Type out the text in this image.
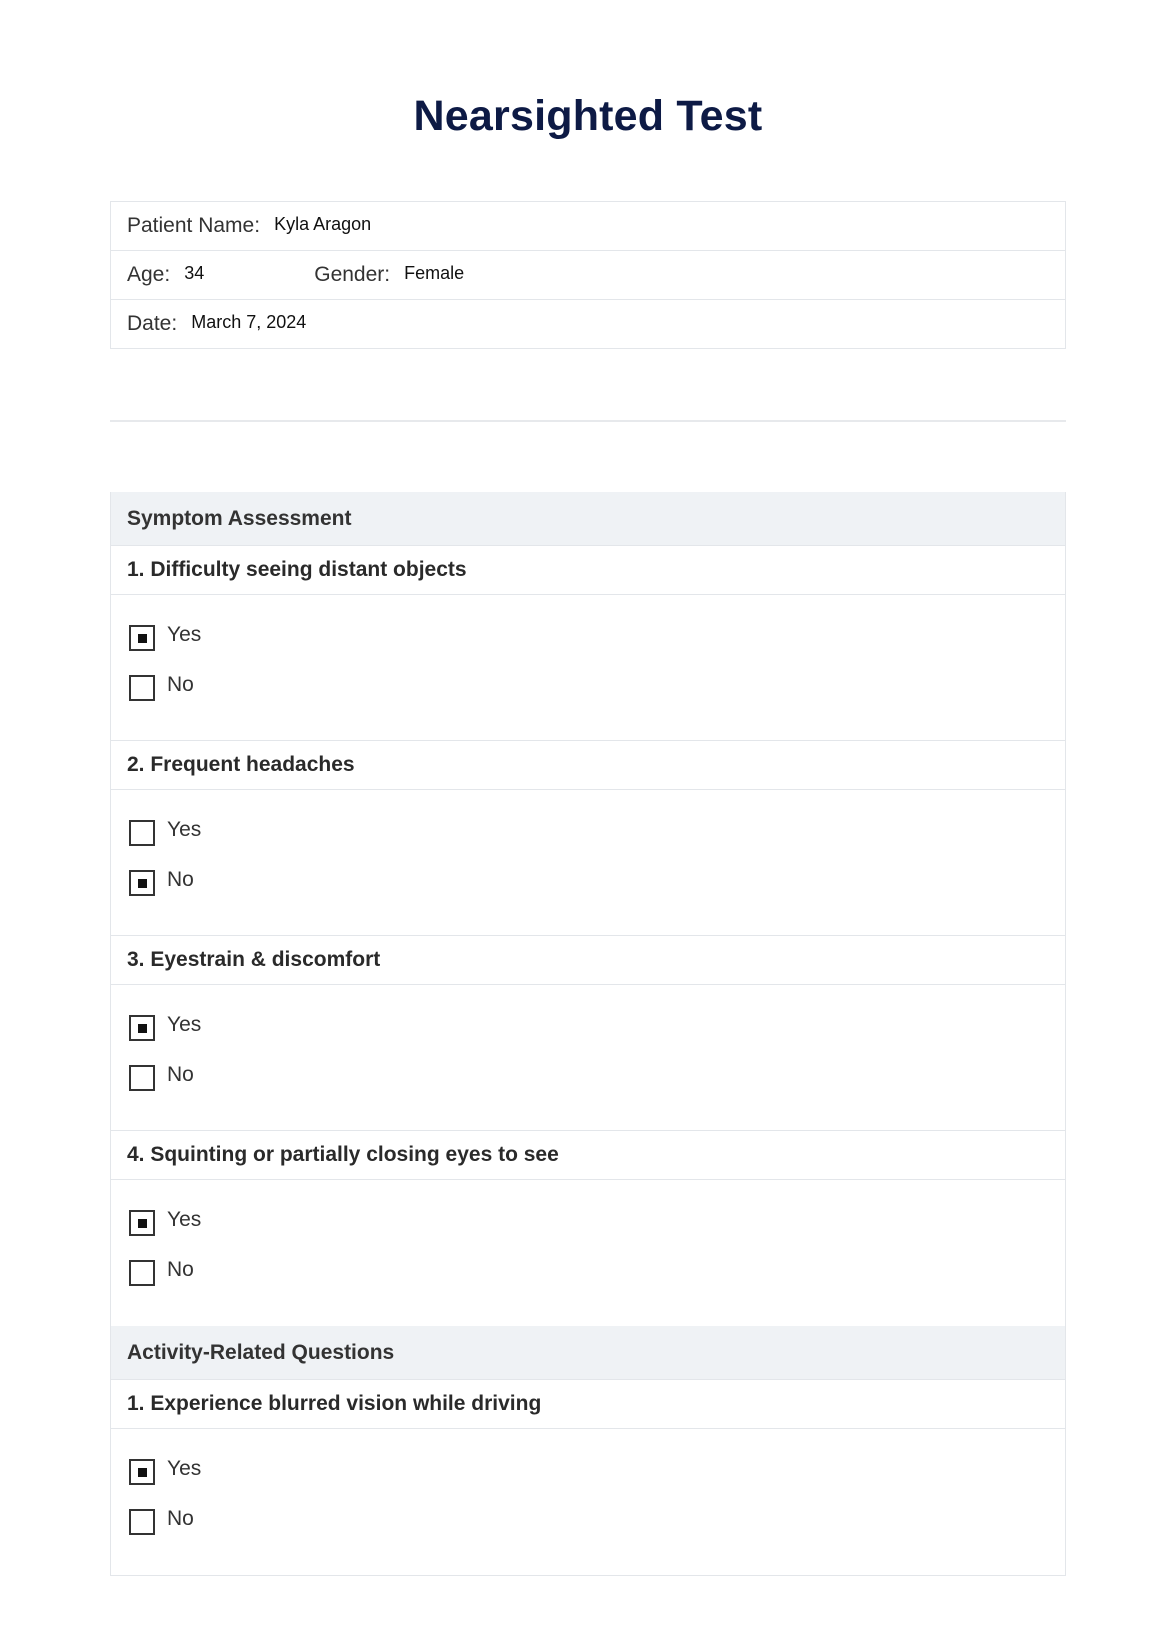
Nearsighted Test
Patient Name: Kyla Aragon
Age: 34	Gender: Female
Date: March 7, 2024
Symptom Assessment
1. Difficulty seeing distant objects
Yes
No
2. Frequent headaches
Yes
No
3. Eyestrain & discomfort
Yes
No
4. Squinting or partially closing eyes to see
Yes
No
Activity-Related Questions
1. Experience blurred vision while driving
Yes
No
